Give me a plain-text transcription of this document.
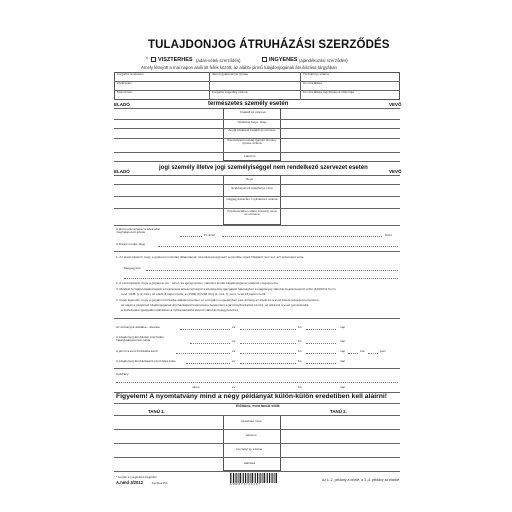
TULAJDONJOG ÁTRUHÁZÁSI SZERZŐDÉS
* VISZTERHES (adás-vételi szerződés)	INGYENES (ajándékozási szerződés)
Amely létrejött a mai napon alulírott felek között, az alábbi jármű tulajdonjogának átruházása tárgyában
Forgalmi rendszám	Jármű gyártmánya, típusa	Törzskönyv száma
Alvázszám	Km óra állása
Motorszám	Forgalmi engedély száma	Km óra állása rögzítésének időpontja
ELADÓ	VEVŐ
természetes személy esetén
Családi és utóneve
Születési helye, ideje
Anyja születési családi és utóneve
Személyazonosság igazoló okmány típusa, száma
Lakcíme
ELADÓ	VEVŐ
jogi személy illetve jogi személyiséggel nem rendelkező szervezet esetén
Neve
Székhelyének telephelye címe
Cégjegyzékszám / nyilvántart. száma
Képviseletében eljáró személy neve és utóneve
A jármű ellenértéke/ a felek által meghatározott értéke
Ft, azaz	forint
A fizetés módja, ideje
1. Az eladó kijelenti, hogy a gépkocsi műszaki (állapotának, üzemképességének) semmiféle rejtett hibájáról nem tud, azt tudomásul vette.
Megjegyzés
2. A vevő kijelenti, hogy a gépkocsi per-, teher- és igénymentes, valamint annak tulajdonjogát az eladótól megszerezte.
3. Mindkét fél tájékoztatást kapott a bejelentési kötelezettségről a közlekedési igazgatási hatósághoz a tulajdonjog változás bejelentéséről szóló (326/2011 Korm.
rend. 31/B. § (1) bek.) az eladó 8 napon belül, a (1999) KÖVIM 33.§ (1. bek. f), pont, vevő 15 napon belül.
4. Felek kijelentik, hogy a gépjármű birtokba adását követően és a forgalmi engedélyben való átírásig az eladó és a vevő kötelezettségeit ismertetve,
az eladó a gépjármű tulajdonjogának átruházásával kapcsolatos bejelentést a járműnyilvántartás szerint, az átírásról a vevő gondoskodik.
a közlekedési igazgatási eljárásban a nyilvántartásba történő változás bejegyzéséhez.
Az okmányok átadása - átvétele	év	hó	nap
A tulajdonjog átruházási szerződés hatálybalépésének napja	év	hó	nap
A jármű a vevő birtokába kerül	év	hó	nap	óra	perc
A tulajdonjog átruházásáról szerződés kelte	év	hó	nap
Kelt/Hely:
város	év	hó	nap
Figyelem! A nyomtatvány mind a négy példányát külön-külön eredetiben kell aláírni!
Előttünk, mint tanúk előtt:
TANÚ 1.	TANÚ 2.
olvasható neve
lakcíme
személyi ig. száma
aláírása
* Kérjük a megfelelőt bejelölni
A.nmd 3/2012 - Kerskor Kft.	5 999 8 7 4 7 4 0 1 8 7
Az 1.-2. példány a vevőé, a 3.-4. példány az eladóé
